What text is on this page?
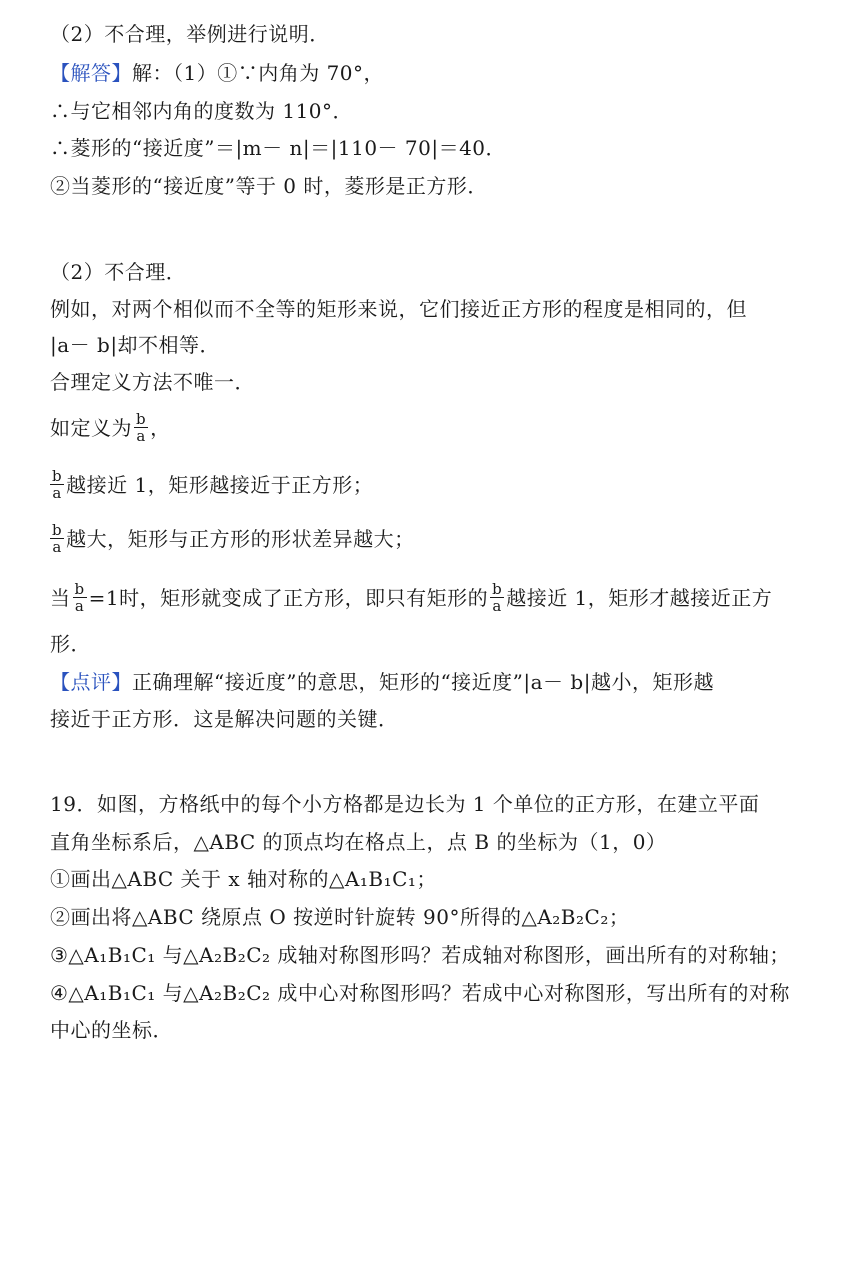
（2）不合理，举例进行说明．
【解答】解：（1）①∵内角为 70°，
∴与它相邻内角的度数为 110°．
∴菱形的“接近度”＝|m－ n|＝|110－ 70|＝40．
②当菱形的“接近度”等于 0 时，菱形是正方形．
（2）不合理．
例如，对两个相似而不全等的矩形来说，它们接近正方形的程度是相同的，但
|a－ b|却不相等．
合理定义方法不唯一．
如定义为 $\frac{b}{a}$ ，
$\frac{b}{a}$ 越接近 1，矩形越接近于正方形；
$\frac{b}{a}$ 越大，矩形与正方形的形状差异越大；
当 $\frac{b}{a} =1$时，矩形就变成了正方形，即只有矩形的 $\frac{b}{a}$ 越接近 1，矩形才越接近正方
形．
【点评】正确理解“接近度”的意思，矩形的“接近度”|a－ b|越小，矩形越
接近于正方形．这是解决问题的关键．
19．如图，方格纸中的每个小方格都是边长为 1 个单位的正方形，在建立平面
直角坐标系后，△ABC 的顶点均在格点上，点 B 的坐标为（1，0）
①画出△ABC 关于 x 轴对称的△A₁B₁C₁；
②画出将△ABC 绕原点 O 按逆时针旋转 90°所得的△A₂B₂C₂；
③△A₁B₁C₁ 与△A₂B₂C₂ 成轴对称图形吗？若成轴对称图形，画出所有的对称轴；
④△A₁B₁C₁ 与△A₂B₂C₂ 成中心对称图形吗？若成中心对称图形，写出所有的对称
中心的坐标．
